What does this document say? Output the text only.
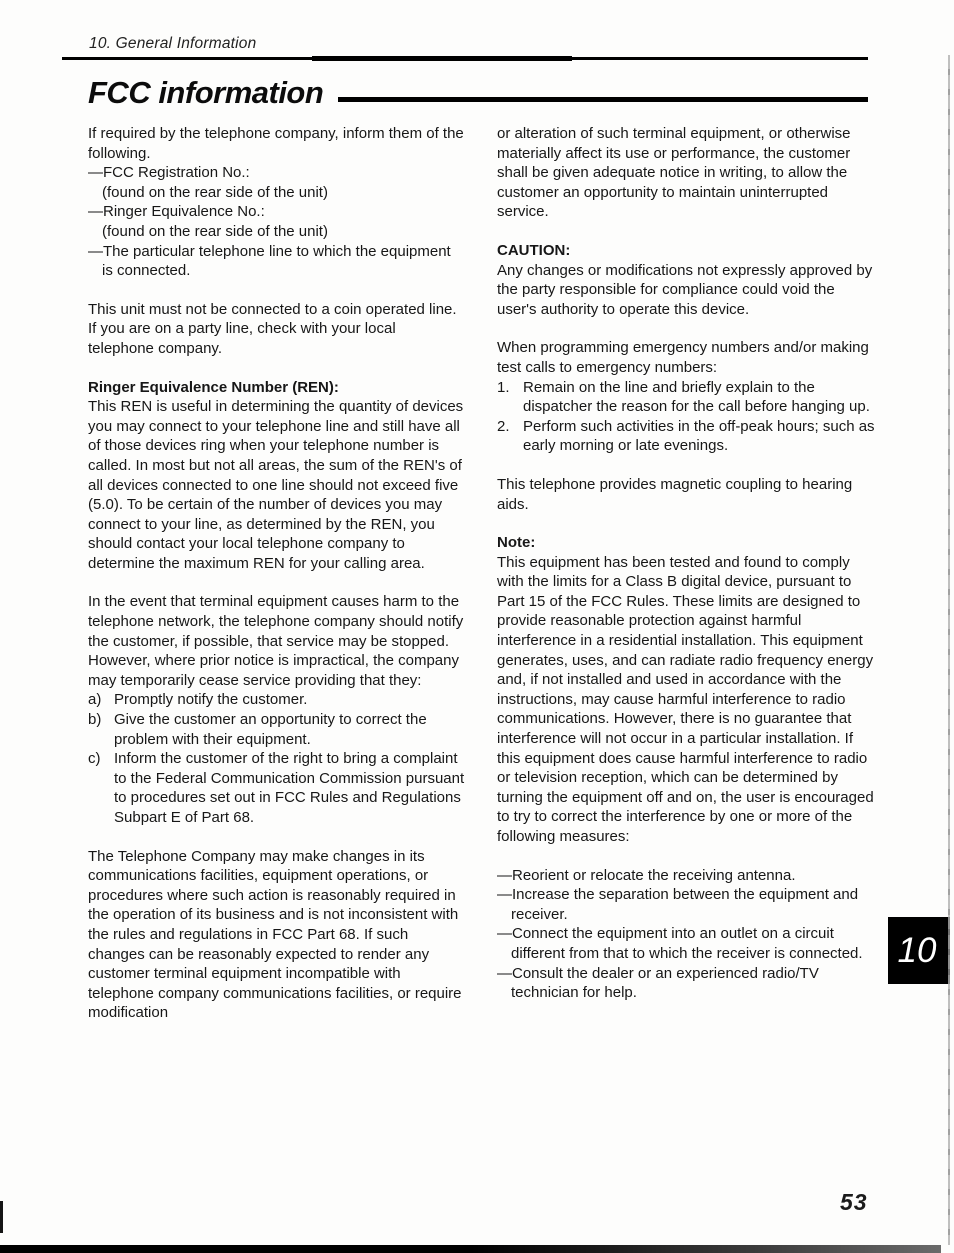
10. General Information
FCC information

If required by the telephone company, inform them of the following.

—FCC Registration No.:

(found on the rear side of the unit)

—Ringer Equivalence No.:

(found on the rear side of the unit)

—The particular telephone line to which the equipment is connected.

This unit must not be connected to a coin operated line. If you are on a party line, check with your local telephone company.

Ringer Equivalence Number (REN):

This REN is useful in determining the quantity of devices you may connect to your telephone line and still have all of those devices ring when your telephone number is called. In most but not all areas, the sum of the REN's of all devices connected to one line should not exceed five (5.0). To be certain of the number of devices you may connect to your line, as determined by the REN, you should contact your local telephone company to determine the maximum REN for your calling area.

In the event that terminal equipment causes harm to the telephone network, the telephone company should notify the customer, if possible, that service may be stopped. However, where prior notice is impractical, the company may temporarily cease service providing that they:

a) Promptly notify the customer.
b) Give the customer an opportunity to correct the problem with their equipment.
c) Inform the customer of the right to bring a complaint to the Federal Communication Commission pursuant to procedures set out in FCC Rules and Regulations Subpart E of Part 68.

The Telephone Company may make changes in its communications facilities, equipment operations, or procedures where such action is reasonably required in the operation of its business and is not inconsistent with the rules and regulations in FCC Part 68. If such changes can be reasonably expected to render any customer terminal equipment incompatible with telephone company communications facilities, or require modification

or alteration of such terminal equipment, or otherwise materially affect its use or performance, the customer shall be given adequate notice in writing, to allow the customer an opportunity to maintain uninterrupted service.

CAUTION:

Any changes or modifications not expressly approved by the party responsible for compliance could void the user's authority to operate this device.

When programming emergency numbers and/or making test calls to emergency numbers:

1. Remain on the line and briefly explain to the dispatcher the reason for the call before hanging up.
2. Perform such activities in the off-peak hours; such as early morning or late evenings.

This telephone provides magnetic coupling to hearing aids.

Note:

This equipment has been tested and found to comply with the limits for a Class B digital device, pursuant to Part 15 of the FCC Rules. These limits are designed to provide reasonable protection against harmful interference in a residential installation. This equipment generates, uses, and can radiate radio frequency energy and, if not installed and used in accordance with the instructions, may cause harmful interference to radio communications. However, there is no guarantee that interference will not occur in a particular installation. If this equipment does cause harmful interference to radio or television reception, which can be determined by turning the equipment off and on, the user is encouraged to try to correct the interference by one or more of the following measures:

—Reorient or relocate the receiving antenna.

—Increase the separation between the equipment and receiver.

—Connect the equipment into an outlet on a circuit different from that to which the receiver is connected.

—Consult the dealer or an experienced radio/TV technician for help.

10
53
